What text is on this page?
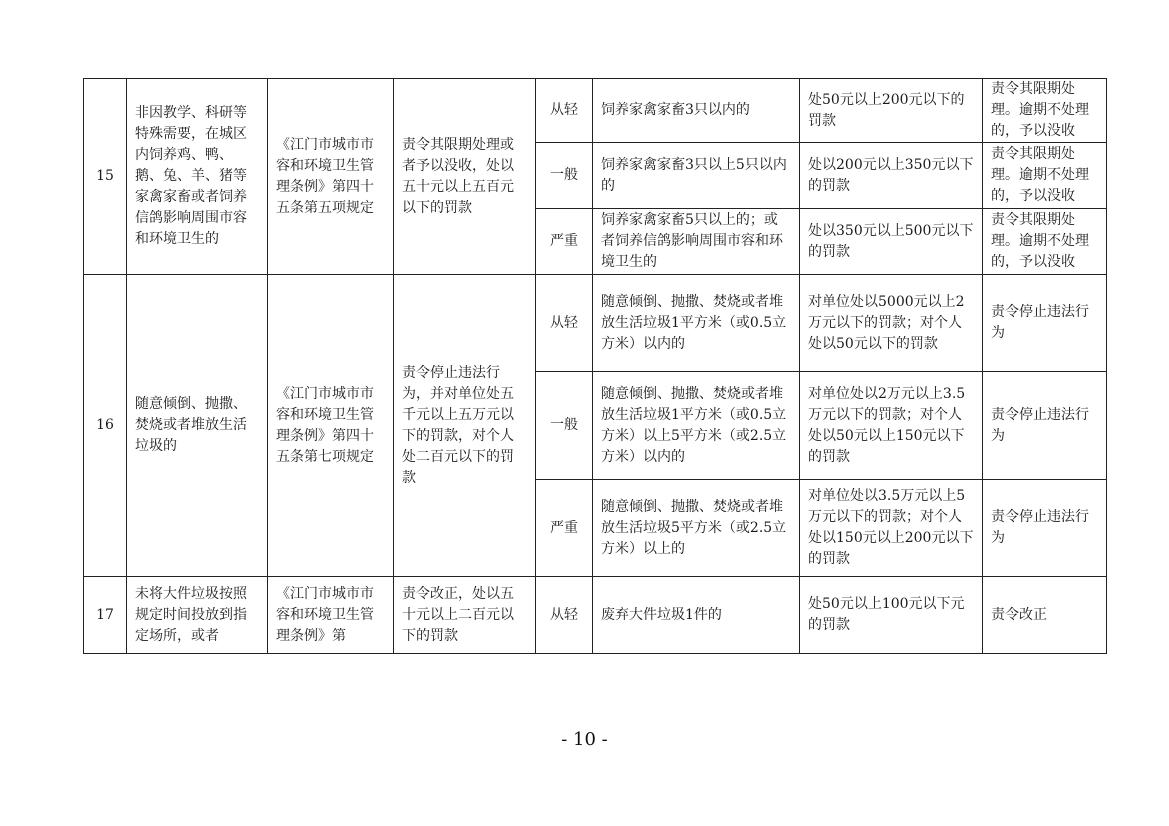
15	非因教学、科研等特殊需要，在城区内饲养鸡、鸭、鹅、兔、羊、猪等家禽家畜或者饲养信鸽影响周围市容和环境卫生的	《江门市城市市容和环境卫生管理条例》第四十五条第五项规定	责令其限期处理或者予以没收，处以五十元以上五百元以下的罚款	从轻	饲养家禽家畜3只以内的	处50元以上200元以下的罚款	责令其限期处理。逾期不处理的，予以没收
				一般	饲养家禽家畜3只以上5只以内的	处以200元以上350元以下的罚款	责令其限期处理。逾期不处理的，予以没收
				严重	饲养家禽家畜5只以上的；或者饲养信鸽影响周围市容和环境卫生的	处以350元以上500元以下的罚款	责令其限期处理。逾期不处理的，予以没收
16	随意倾倒、抛撒、焚烧或者堆放生活垃圾的	《江门市城市市容和环境卫生管理条例》第四十五条第七项规定	责令停止违法行为，并对单位处五千元以上五万元以下的罚款，对个人处二百元以下的罚款	从轻	随意倾倒、抛撒、焚烧或者堆放生活垃圾1平方米（或0.5立方米）以内的	对单位处以5000元以上2万元以下的罚款；对个人处以50元以下的罚款	责令停止违法行为
				一般	随意倾倒、抛撒、焚烧或者堆放生活垃圾1平方米（或0.5立方米）以上5平方米（或2.5立方米）以内的	对单位处以2万元以上3.5万元以下的罚款；对个人处以50元以上150元以下的罚款	责令停止违法行为
				严重	随意倾倒、抛撒、焚烧或者堆放生活垃圾5平方米（或2.5立方米）以上的	对单位处以3.5万元以上5万元以下的罚款；对个人处以150元以上200元以下的罚款	责令停止违法行为
17	未将大件垃圾按照规定时间投放到指定场所，或者	《江门市城市市容和环境卫生管理条例》第	责令改正，处以五十元以上二百元以下的罚款	从轻	废弃大件垃圾1件的	处50元以上100元以下元的罚款	责令改正
- 10 -
